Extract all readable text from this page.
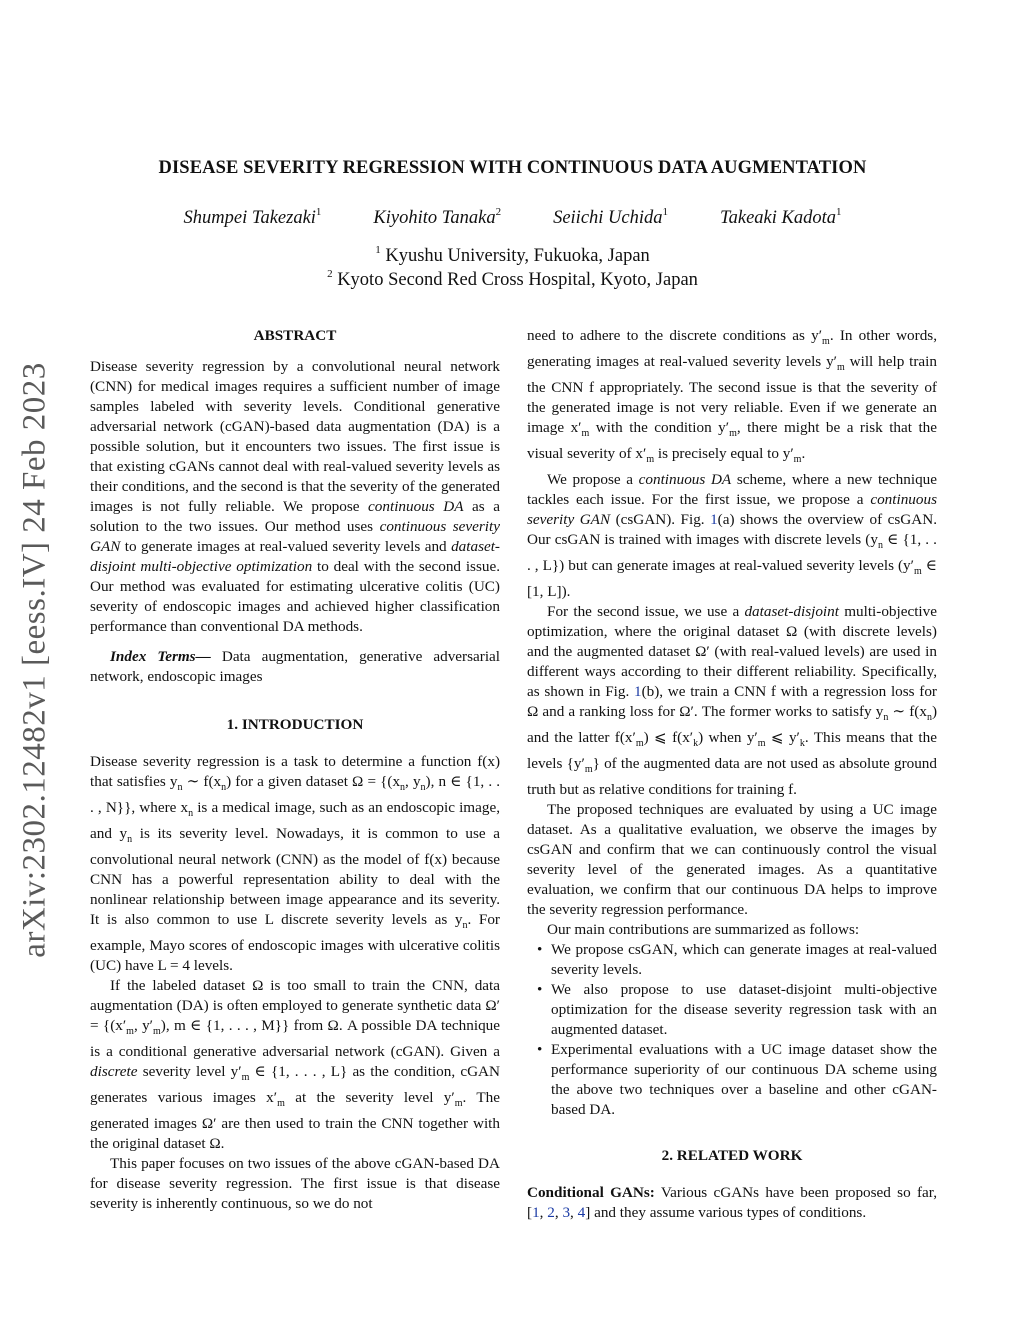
arXiv:2302.12482v1 [eess.IV] 24 Feb 2023
DISEASE SEVERITY REGRESSION WITH CONTINUOUS DATA AUGMENTATION
Shumpei Takezaki$^1$	Kiyohito Tanaka$^2$	Seiichi Uchida$^1$	Takeaki Kadota$^1$
$^1$ Kyushu University, Fukuoka, Japan
$^2$ Kyoto Second Red Cross Hospital, Kyoto, Japan

ABSTRACT

Disease severity regression by a convolutional neural network (CNN) for medical images requires a sufficient number of image samples labeled with severity levels. Conditional generative adversarial network (cGAN)-based data augmentation (DA) is a possible solution, but it encounters two issues. The first issue is that existing cGANs cannot deal with real-valued severity levels as their conditions, and the second is that the severity of the generated images is not fully reliable. We propose continuous DA as a solution to the two issues. Our method uses continuous severity GAN to generate images at real-valued severity levels and dataset-disjoint multi-objective optimization to deal with the second issue. Our method was evaluated for estimating ulcerative colitis (UC) severity of endoscopic images and achieved higher classification performance than conventional DA methods.

Index Terms— Data augmentation, generative adversarial network, endoscopic images

1. INTRODUCTION

Disease severity regression is a task to determine a function f(x) that satisfies $y_n$ ∼ $f(x_n)$ for a given dataset $\Omega = \{(x_n$, $y_n$), n ∈ {1, . . . , N}}, where $x_n$ is a medical image, such as an endoscopic image, and $y_n$ is its severity level. Nowadays, it is common to use a convolutional neural network (CNN) as the model of f(x) because CNN has a powerful representation ability to deal with the nonlinear relationship between image appearance and its severity. It is also common to use L discrete severity levels as $y_n$. For example, Mayo scores of endoscopic images with ulcerative colitis (UC) have L = 4 levels.

If the labeled dataset Ω is too small to train the CNN, data augmentation (DA) is often employed to generate synthetic data $\Omega' = \{(x'_m$, $y'_m$), m ∈ {1, . . . , M}} from Ω. A possible DA technique is a conditional generative adversarial network (cGAN). Given a discrete severity level $y'_m$ ∈ {1, . . . , L} as the condition, cGAN generates various images $x'_m$ at the severity level $y'_m$. The generated images Ω′ are then used to train the CNN together with the original dataset Ω.

This paper focuses on two issues of the above cGAN-based DA for disease severity regression. The first issue is that disease severity is inherently continuous, so we do not

need to adhere to the discrete conditions as $y'_m$. In other words, generating images at real-valued severity levels $y'_m$ will help train the CNN f appropriately. The second issue is that the severity of the generated image is not very reliable. Even if we generate an image $x'_m$ with the condition $y'_m$, there might be a risk that the visual severity of $x'_m$ is precisely equal to $y'_m$.

We propose a continuous DA scheme, where a new technique tackles each issue. For the first issue, we propose a continuous severity GAN (csGAN). Fig. 1(a) shows the overview of csGAN. Our csGAN is trained with images with discrete levels ($y_n$ ∈ {1, . . . , L}) but can generate images at real-valued severity levels ($y'_m$ ∈ [1, L]).

For the second issue, we use a dataset-disjoint multi-objective optimization, where the original dataset Ω (with discrete levels) and the augmented dataset Ω′ (with real-valued levels) are used in different ways according to their different reliability. Specifically, as shown in Fig. 1(b), we train a CNN f with a regression loss for Ω and a ranking loss for Ω′. The former works to satisfy $y_n$ ∼ $f(x_n)$ and the latter $f(x'_m)$ ⩽ $f(x'_k)$ when $y'_m$ ⩽ $y'_k$. This means that the levels $\{y'_m\}$ of the augmented data are not used as absolute ground truth but as relative conditions for training f.

The proposed techniques are evaluated by using a UC image dataset. As a qualitative evaluation, we observe the images by csGAN and confirm that we can continuously control the visual severity level of the generated images. As a quantitative evaluation, we confirm that our continuous DA helps to improve the severity regression performance.

Our main contributions are summarized as follows:

• We propose csGAN, which can generate images at real-valued severity levels.
• We also propose to use dataset-disjoint multi-objective optimization for the disease severity regression task with an augmented dataset.
• Experimental evaluations with a UC image dataset show the performance superiority of our continuous DA scheme using the above two techniques over a baseline and other cGAN-based DA.

2. RELATED WORK

Conditional GANs: Various cGANs have been proposed so far, [1, 2, 3, 4] and they assume various types of conditions.
